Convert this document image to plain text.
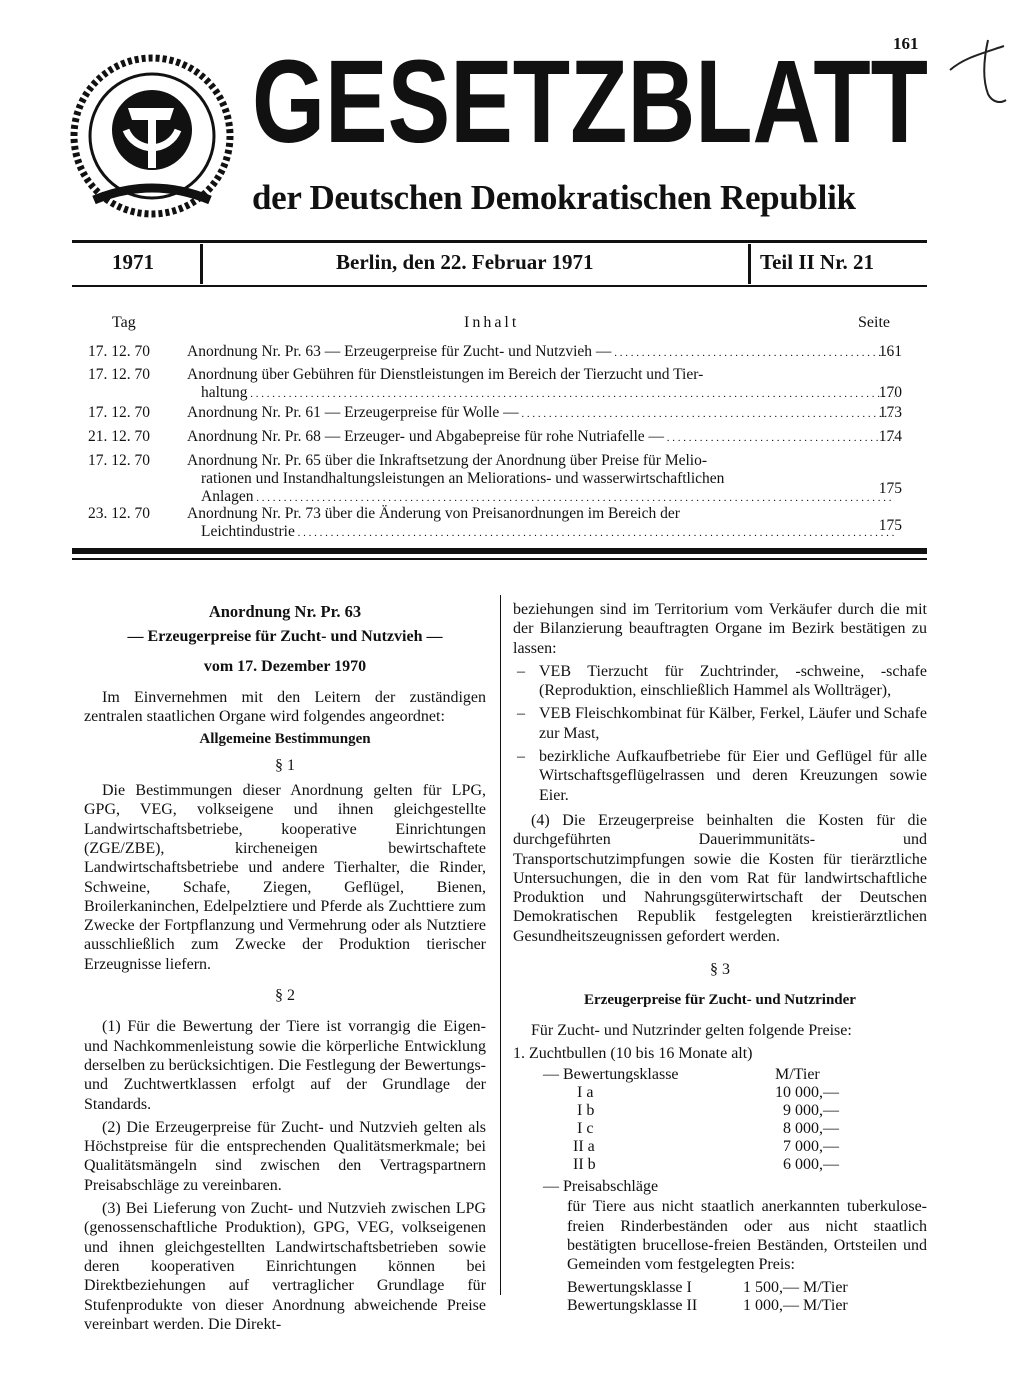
161
GESETZBLATT
der Deutschen Demokratischen Republik
1971	Berlin, den 22. Februar 1971	Teil II Nr. 21
Tag	Inhalt	Seite
17. 12. 70	Anordnung Nr. Pr. 63 — Erzeugerpreise für Zucht- und Nutzvieh — . . .	161
17. 12. 70	Anordnung über Gebühren für Dienstleistungen im Bereich der Tierzucht und Tier-
haltung . . .	170
17. 12. 70	Anordnung Nr. Pr. 61 — Erzeugerpreise für Wolle — . . .	173
21. 12. 70	Anordnung Nr. Pr. 68 — Erzeuger- und Abgabepreise für rohe Nutriafelle — . . .	174
17. 12. 70	Anordnung Nr. Pr. 65 über die Inkraftsetzung der Anordnung über Preise für Melio-
rationen und Instandhaltungsleistungen an Meliorations- und wasserwirtschaftlichen
Anlagen . . .	175
23. 12. 70	Anordnung Nr. Pr. 73 über die Änderung von Preisanordnungen im Bereich der
Leichtindustrie . . .	175

Anordnung Nr. Pr. 63

— Erzeugerpreise für Zucht- und Nutzvieh —

vom 17. Dezember 1970

Im Einvernehmen mit den Leitern der zuständigen zentralen staatlichen Organe wird folgendes angeordnet:

Allgemeine Bestimmungen

§ 1

Die Bestimmungen dieser Anordnung gelten für LPG, GPG, VEG, volkseigene und ihnen gleichgestellte Landwirtschaftsbetriebe, kooperative Einrichtungen (ZGE/ZBE), kircheneigen bewirtschaftete Landwirtschaftsbetriebe und andere Tierhalter, die Rinder, Schweine, Schafe, Ziegen, Geflügel, Bienen, Broilerkaninchen, Edelpelztiere und Pferde als Zuchttiere zum Zwecke der Fortpflanzung und Vermehrung oder als Nutztiere ausschließlich zum Zwecke der Produktion tierischer Erzeugnisse liefern.

§ 2

(1) Für die Bewertung der Tiere ist vorrangig die Eigen- und Nachkommenleistung sowie die körperliche Entwicklung derselben zu berücksichtigen. Die Festlegung der Bewertungs- und Zuchtwertklassen erfolgt auf der Grundlage der Standards.

(2) Die Erzeugerpreise für Zucht- und Nutzvieh gelten als Höchstpreise für die entsprechenden Qualitätsmerkmale; bei Qualitätsmängeln sind zwischen den Vertragspartnern Preisabschläge zu vereinbaren.

(3) Bei Lieferung von Zucht- und Nutzvieh zwischen LPG (genossenschaftliche Produktion), GPG, VEG, volkseigenen und ihnen gleichgestellten Landwirtschaftsbetrieben sowie deren kooperativen Einrichtungen können bei Direktbeziehungen auf vertraglicher Grundlage für Stufenprodukte von dieser Anordnung abweichende Preise vereinbart werden. Die Direkt-

beziehungen sind im Territorium vom Verkäufer durch die mit der Bilanzierung beauftragten Organe im Bezirk bestätigen zu lassen:

– VEB Tierzucht für Zuchtrinder, -schweine, -schafe (Reproduktion, einschließlich Hammel als Wollträger),

– VEB Fleischkombinat für Kälber, Ferkel, Läufer und Schafe zur Mast,

– bezirkliche Aufkaufbetriebe für Eier und Geflügel für alle Wirtschaftsgeflügelrassen und deren Kreuzungen sowie Eier.

(4) Die Erzeugerpreise beinhalten die Kosten für die durchgeführten Dauerimmunitäts- und Transportschutzimpfungen sowie die Kosten für tierärztliche Untersuchungen, die in den vom Rat für landwirtschaftliche Produktion und Nahrungsgüterwirtschaft der Deutschen Demokratischen Republik festgelegten kreistierärztlichen Gesundheitszeugnissen gefordert werden.

§ 3

Erzeugerpreise für Zucht- und Nutzrinder

Für Zucht- und Nutzrinder gelten folgende Preise:

1. Zuchtbullen (10 bis 16 Monate alt)

— Bewertungsklasse	M/Tier
I a	10 000,—
I b	9 000,—
I c	8 000,—
II a	7 000,—
II b	6 000,—
— Preisabschläge

für Tiere aus nicht staatlich anerkannten tuberkulose-freien Rinderbeständen oder aus nicht staatlich bestätigten brucellose-freien Beständen, Ortsteilen und Gemeinden vom festgelegten Preis:

Bewertungsklasse I	1 500,— M/Tier
Bewertungsklasse II	1 000,— M/Tier
